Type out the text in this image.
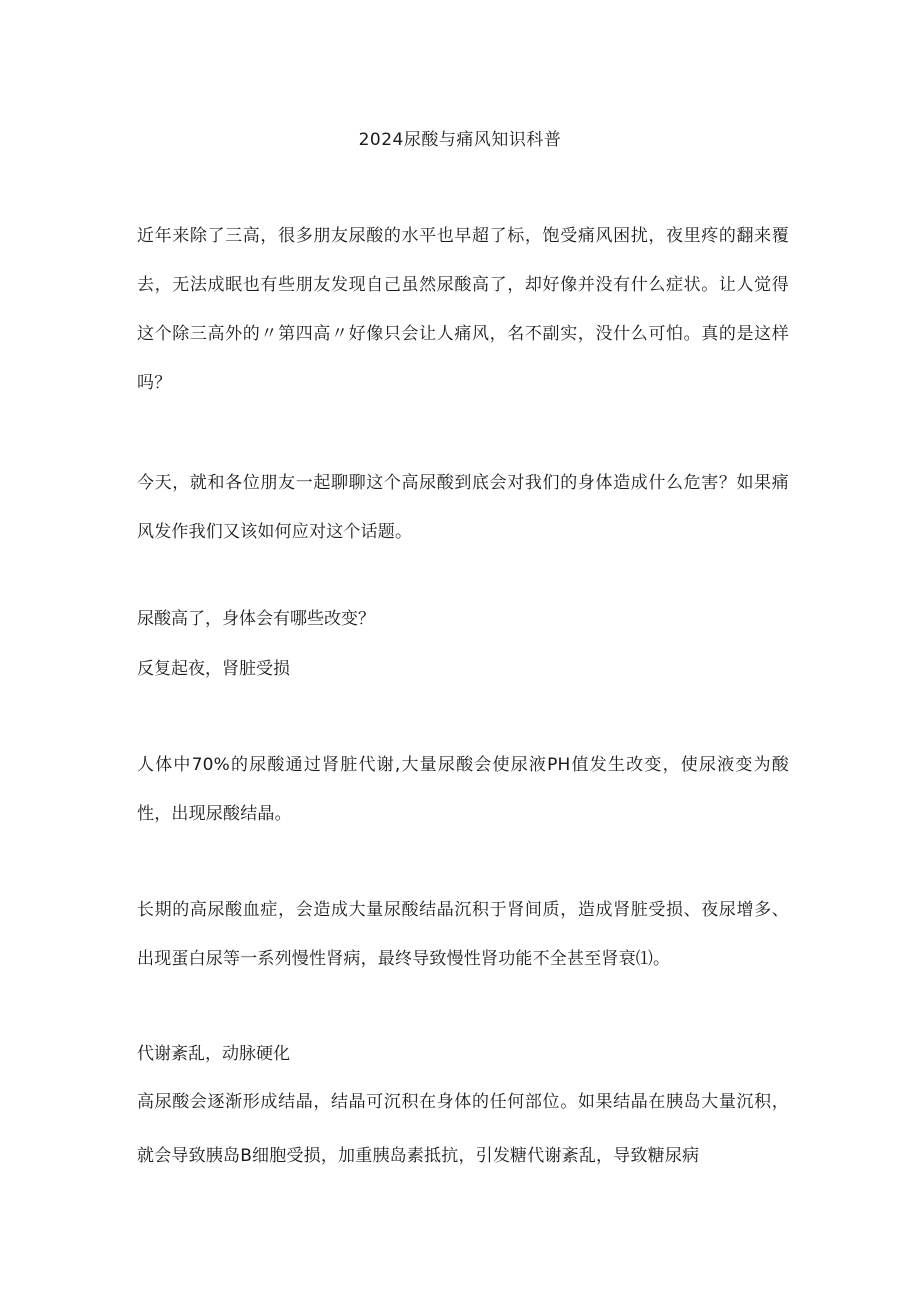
2024尿酸与痛风知识科普

近年来除了三高，很多朋友尿酸的水平也早超了标，饱受痛风困扰，夜里疼的翻来覆去，无法成眠也有些朋友发现自己虽然尿酸高了，却好像并没有什么症状。让人觉得这个除三高外的〃第四高〃好像只会让人痛风，名不副实，没什么可怕。真的是这样吗？

今天，就和各位朋友一起聊聊这个高尿酸到底会对我们的身体造成什么危害？如果痛风发作我们又该如何应对这个话题。

尿酸高了，身体会有哪些改变？

反复起夜，肾脏受损

人体中70%的尿酸通过肾脏代谢,大量尿酸会使尿液PH值发生改变，使尿液变为酸性，出现尿酸结晶。

长期的高尿酸血症，会造成大量尿酸结晶沉积于肾间质，造成肾脏受损、夜尿增多、出现蛋白尿等一系列慢性肾病，最终导致慢性肾功能不全甚至肾衰⑴。

代谢紊乱，动脉硬化

高尿酸会逐渐形成结晶，结晶可沉积在身体的任何部位。如果结晶在胰岛大量沉积，就会导致胰岛B细胞受损，加重胰岛素抵抗，引发糖代谢紊乱，导致糖尿病
